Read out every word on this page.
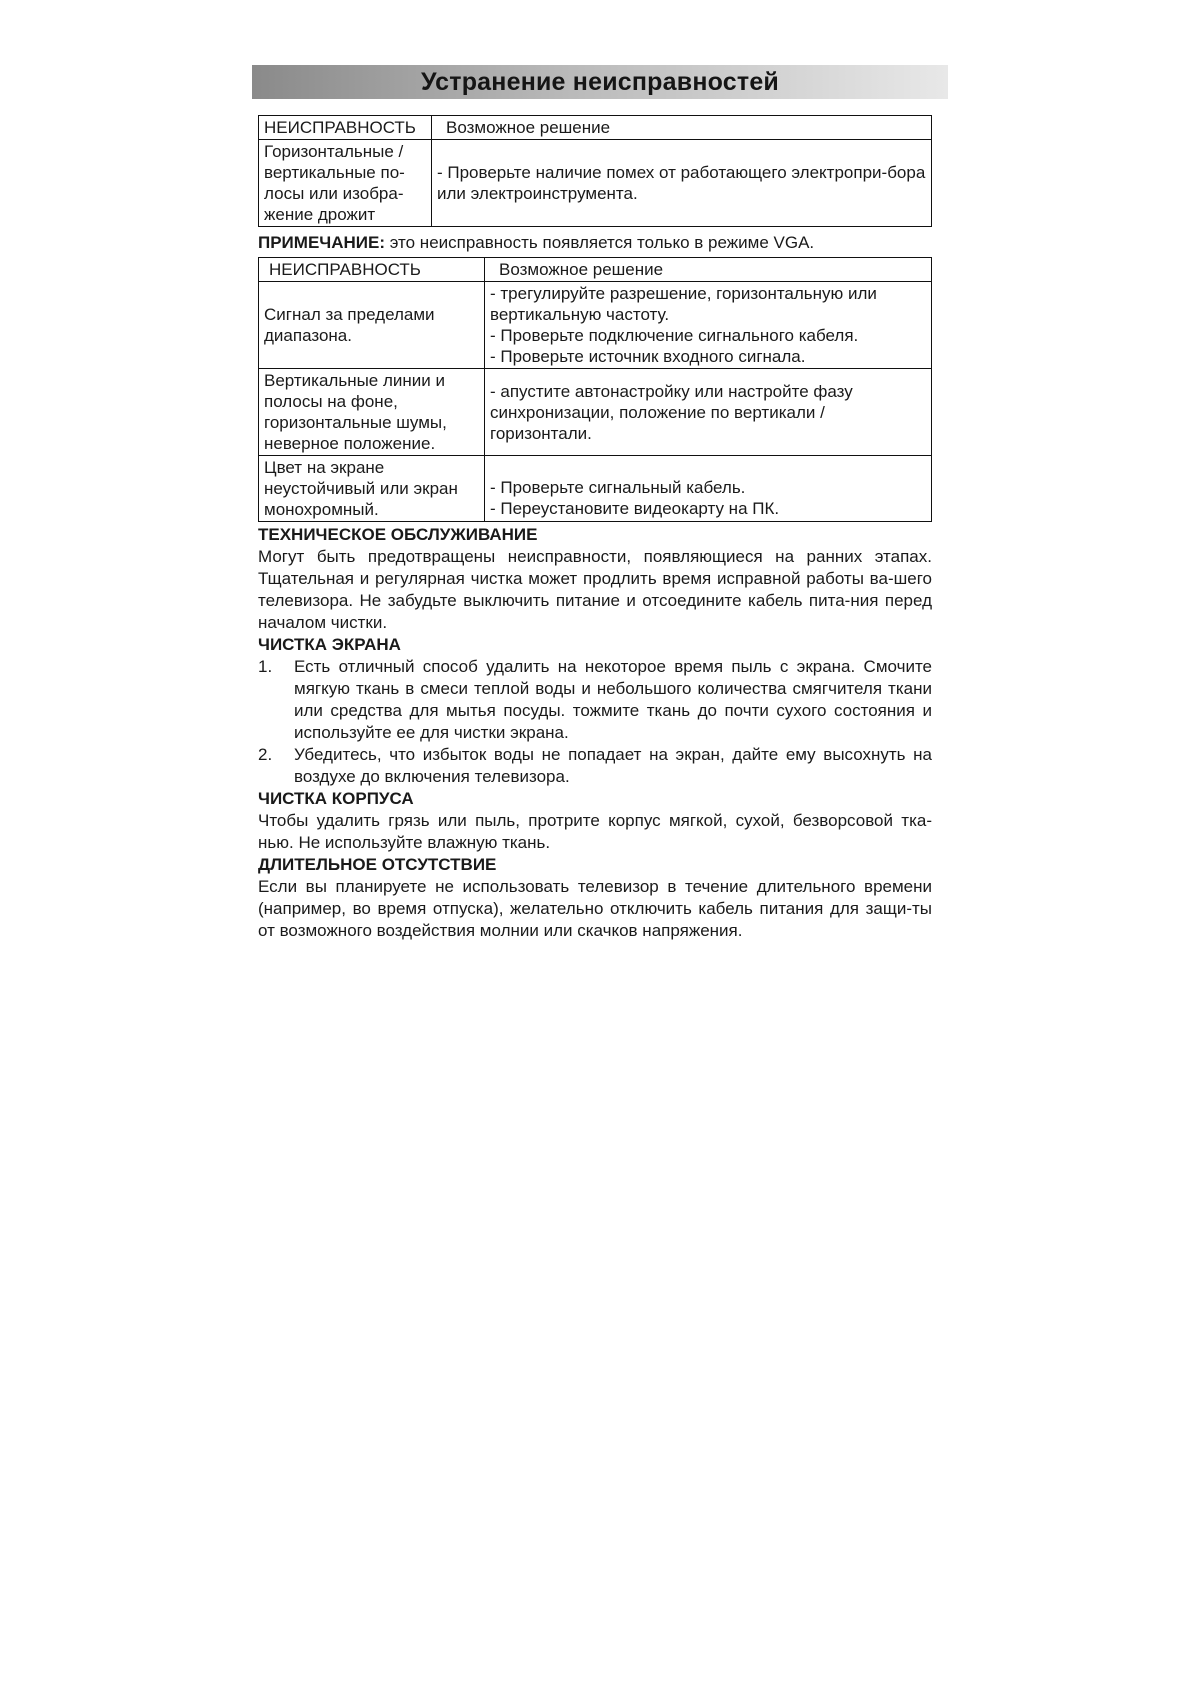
Устранение неисправностей
НЕИСПРАВНОСТЬ	Возможное решение
Горизонтальные / вертикальные по-лосы или изобра-жение дрожит	- Проверьте наличие помех от работающего электропри-бора или электроинструмента.

ПРИМЕЧАНИЕ: это неисправность появляется только в режиме VGA.

НЕИСПРАВНОСТЬ	Возможное решение
Сигнал за пределами диапазона.	- трегулируйте разрешение, горизонтальную или вертикальную частоту.
- Проверьте подключение сигнального кабеля.
- Проверьте источник входного сигнала.

Вертикальные линии и полосы на фоне, горизонтальные шумы, неверное положение.	- апустите автонастройку или настройте фазу синхронизации, положение по вертикали / горизонтали.

Цвет на экране неустойчивый или экран монохромный.	- Проверьте сигнальный кабель.
- Переустановите видеокарту на ПК.

ТЕХНИЧЕСКОЕ ОБСЛУЖИВАНИЕ

Могут быть предотвращены неисправности, появляющиеся на ранних этапах. Тщательная и регулярная чистка может продлить время исправной работы ва-шего телевизора. Не забудьте выключить питание и отсоедините кабель пита-ния перед началом чистки.

ЧИСТКА ЭКРАНА

1.	Есть отличный способ удалить на некоторое время пыль с экрана. Смочите мягкую ткань в смеси теплой воды и небольшого количества смягчителя ткани или средства для мытья посуды. тожмите ткань до почти сухого состояния и используйте ее для чистки экрана.
2.	Убедитесь, что избыток воды не попадает на экран, дайте ему высохнуть на воздухе до включения телевизора.

ЧИСТКА КОРПУСА

Чтобы удалить грязь или пыль, протрите корпус мягкой, сухой, безворсовой тка-нью. Не используйте влажную ткань.

ДЛИТЕЛЬНОЕ ОТСУТСТВИЕ

Если вы планируете не использовать телевизор в течение длительного времени (например, во время отпуска), желательно отключить кабель питания для защи-ты от возможного воздействия молнии или скачков напряжения.
